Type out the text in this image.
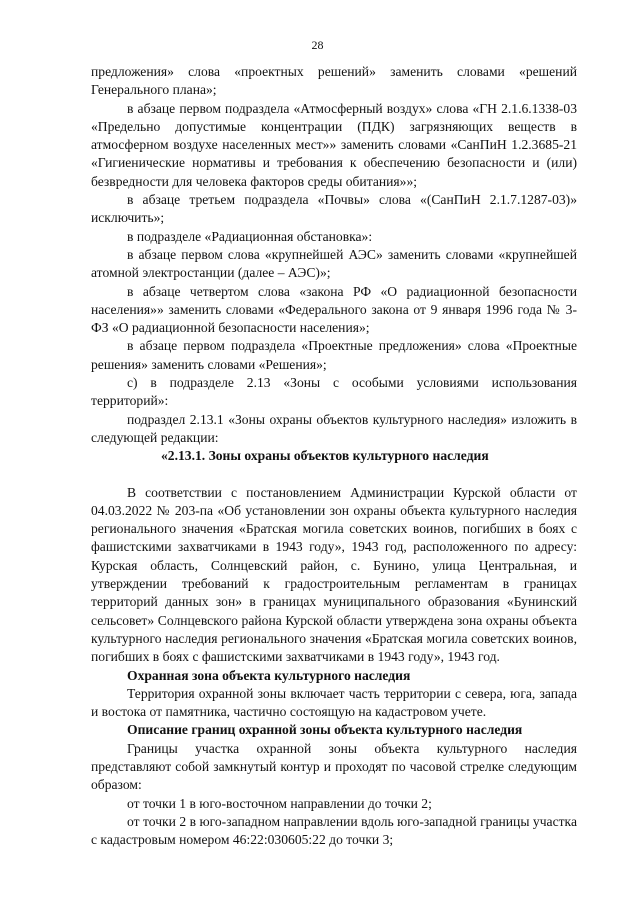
28

предложения» слова «проектных решений» заменить словами «решений Генерального плана»;

в абзаце первом подраздела «Атмосферный воздух» слова «ГН 2.1.6.1338-03 «Предельно допустимые концентрации (ПДК) загрязняющих веществ в атмосферном воздухе населенных мест»» заменить словами «СанПиН 1.2.3685-21 «Гигиенические нормативы и требования к обеспечению безопасности и (или) безвредности для человека факторов среды обитания»»;

в абзаце третьем подраздела «Почвы» слова «(СанПиН 2.1.7.1287-03)» исключить»;

в подразделе «Радиационная обстановка»:

в абзаце первом слова «крупнейшей АЭС» заменить словами «крупнейшей атомной электростанции (далее – АЭС)»;

в абзаце четвертом слова «закона РФ «О радиационной безопасности населения»» заменить словами «Федерального закона от 9 января 1996 года № 3-ФЗ «О радиационной безопасности населения»;

в абзаце первом подраздела «Проектные предложения» слова «Проектные решения» заменить словами «Решения»;

с) в подразделе 2.13 «Зоны с особыми условиями использования территорий»:

подраздел 2.13.1 «Зоны охраны объектов культурного наследия» изложить в следующей редакции:

«2.13.1. Зоны охраны объектов культурного наследия

В соответствии с постановлением Администрации Курской области от 04.03.2022 № 203-па «Об установлении зон охраны объекта культурного наследия регионального значения «Братская могила советских воинов, погибших в боях с фашистскими захватчиками в 1943 году», 1943 год, расположенного по адресу: Курская область, Солнцевский район, с. Бунино, улица Центральная, и утверждении требований к градостроительным регламентам в границах территорий данных зон» в границах муниципального образования «Бунинский сельсовет» Солнцевского района Курской области утверждена зона охраны объекта культурного наследия регионального значения «Братская могила советских воинов, погибших в боях с фашистскими захватчиками в 1943 году», 1943 год.

Охранная зона объекта культурного наследия

Территория охранной зоны включает часть территории с севера, юга, запада и востока от памятника, частично состоящую на кадастровом учете.

Описание границ охранной зоны объекта культурного наследия

Границы участка охранной зоны объекта культурного наследия представляют собой замкнутый контур и проходят по часовой стрелке следующим образом:

от точки 1 в юго-восточном направлении до точки 2;

от точки 2 в юго-западном направлении вдоль юго-западной границы участка с кадастровым номером 46:22:030605:22 до точки 3;
